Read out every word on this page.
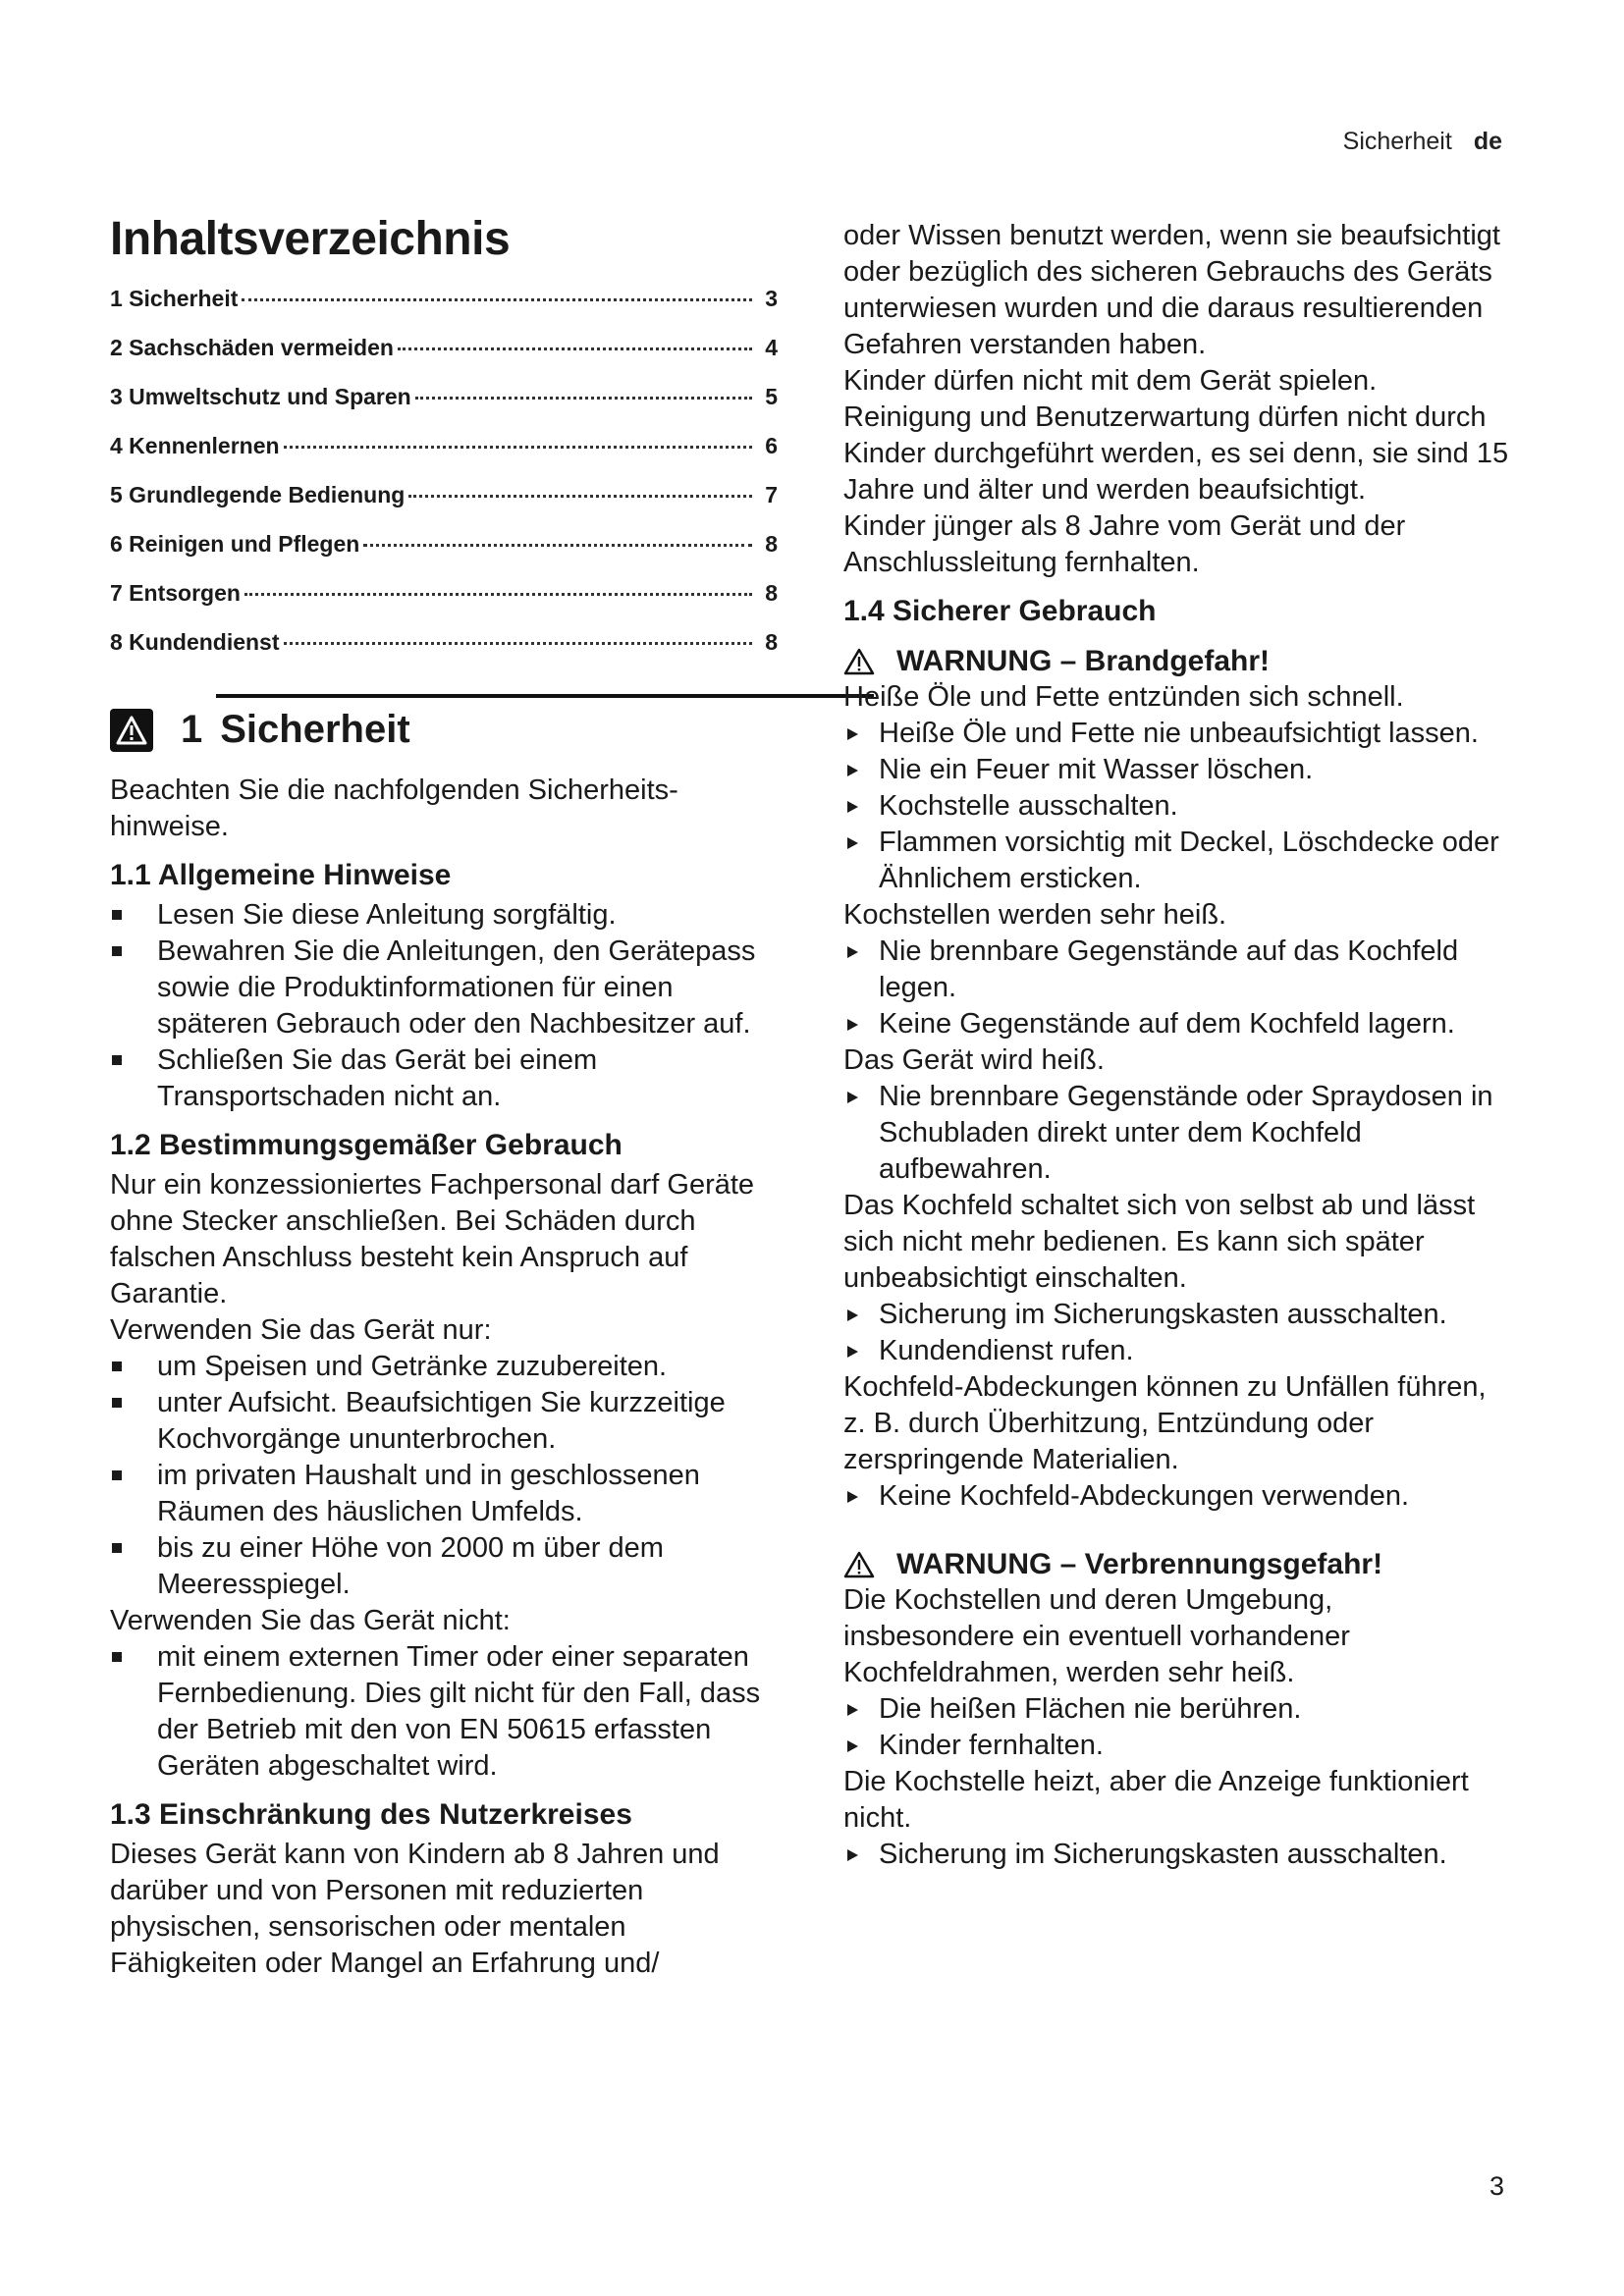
Sicherheit de
Inhaltsverzeichnis
1 Sicherheit	3
2 Sachschäden vermeiden	4
3 Umweltschutz und Sparen	5
4 Kennenlernen	6
5 Grundlegende Bedienung	7
6 Reinigen und Pflegen	8
7 Entsorgen	8
8 Kundendienst	8
1 Sicherheit

Beachten Sie die nachfolgenden Sicherheits-hinweise.

1.1 Allgemeine Hinweise
Lesen Sie diese Anleitung sorgfältig.
Bewahren Sie die Anleitungen, den Gerätepass sowie die Produktinformationen für einen späteren Gebrauch oder den Nachbesitzer auf.
Schließen Sie das Gerät bei einem Transportschaden nicht an.
1.2 Bestimmungsgemäßer Gebrauch

Nur ein konzessioniertes Fachpersonal darf Geräte ohne Stecker anschließen. Bei Schäden durch falschen Anschluss besteht kein Anspruch auf Garantie.

Verwenden Sie das Gerät nur:

um Speisen und Getränke zuzubereiten.
unter Aufsicht. Beaufsichtigen Sie kurzzeitige Kochvorgänge ununterbrochen.
im privaten Haushalt und in geschlossenen Räumen des häuslichen Umfelds.
bis zu einer Höhe von 2000 m über dem Meeresspiegel.

Verwenden Sie das Gerät nicht:

mit einem externen Timer oder einer separaten Fernbedienung. Dies gilt nicht für den Fall, dass der Betrieb mit den von EN 50615 erfassten Geräten abgeschaltet wird.
1.3 Einschränkung des Nutzerkreises

Dieses Gerät kann von Kindern ab 8 Jahren und darüber und von Personen mit reduzierten physischen, sensorischen oder mentalen Fähigkeiten oder Mangel an Erfahrung und/

oder Wissen benutzt werden, wenn sie beaufsichtigt oder bezüglich des sicheren Gebrauchs des Geräts unterwiesen wurden und die daraus resultierenden Gefahren verstanden haben.

Kinder dürfen nicht mit dem Gerät spielen.

Reinigung und Benutzerwartung dürfen nicht durch Kinder durchgeführt werden, es sei denn, sie sind 15 Jahre und älter und werden beaufsichtigt.

Kinder jünger als 8 Jahre vom Gerät und der Anschlussleitung fernhalten.

1.4 Sicherer Gebrauch
WARNUNG – Brandgefahr!

Heiße Öle und Fette entzünden sich schnell.

Heiße Öle und Fette nie unbeaufsichtigt lassen.
Nie ein Feuer mit Wasser löschen.
Kochstelle ausschalten.
Flammen vorsichtig mit Deckel, Löschdecke oder Ähnlichem ersticken.

Kochstellen werden sehr heiß.

Nie brennbare Gegenstände auf das Kochfeld legen.
Keine Gegenstände auf dem Kochfeld lagern.

Das Gerät wird heiß.

Nie brennbare Gegenstände oder Spraydosen in Schubladen direkt unter dem Kochfeld aufbewahren.

Das Kochfeld schaltet sich von selbst ab und lässt sich nicht mehr bedienen. Es kann sich später unbeabsichtigt einschalten.

Sicherung im Sicherungskasten ausschalten.
Kundendienst rufen.

Kochfeld-Abdeckungen können zu Unfällen führen, z. B. durch Überhitzung, Entzündung oder zerspringende Materialien.

Keine Kochfeld-Abdeckungen verwenden.
WARNUNG – Verbrennungsgefahr!

Die Kochstellen und deren Umgebung, insbesondere ein eventuell vorhandener Kochfeldrahmen, werden sehr heiß.

Die heißen Flächen nie berühren.
Kinder fernhalten.

Die Kochstelle heizt, aber die Anzeige funktioniert nicht.

Sicherung im Sicherungskasten ausschalten.
3
